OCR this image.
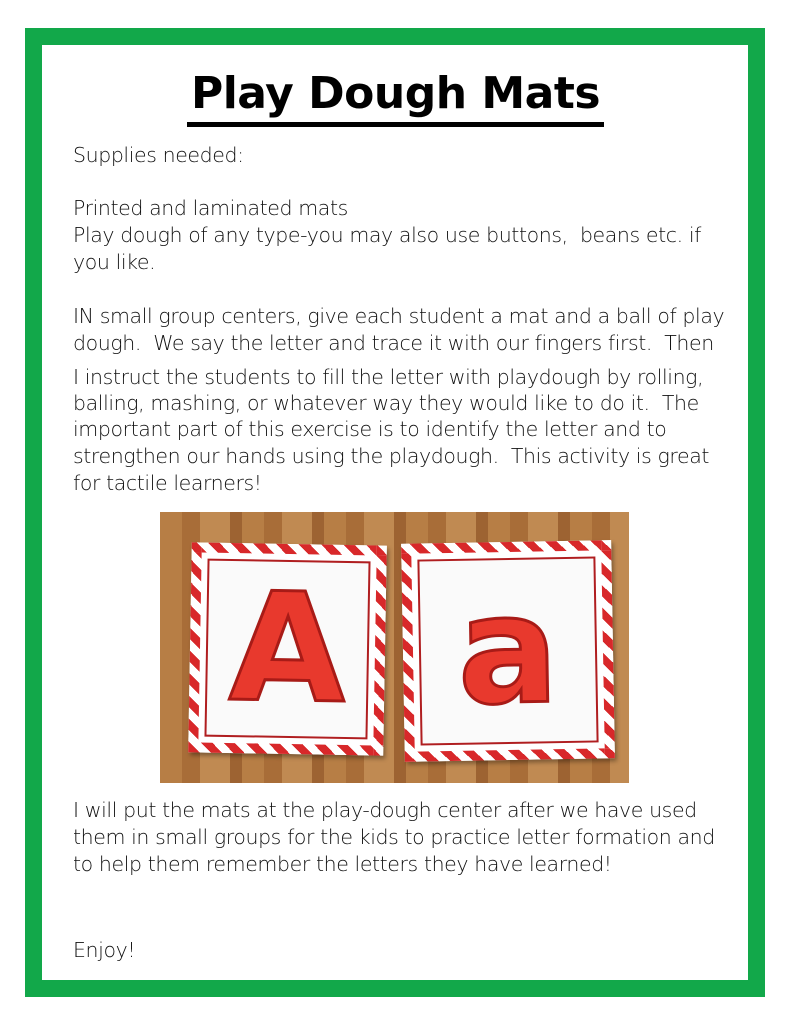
Play Dough Mats
Supplies needed:
Printed and laminated mats
Play dough of any type-you may also use buttons,  beans etc. if
you like.
IN small group centers, give each student a mat and a ball of play
dough.  We say the letter and trace it with our fingers first.  Then
I instruct the students to fill the letter with playdough by rolling,
balling, mashing, or whatever way they would like to do it.  The
important part of this exercise is to identify the letter and to
strengthen our hands using the playdough.  This activity is great
for tactile learners!
A a
I will put the mats at the play-dough center after we have used
them in small groups for the kids to practice letter formation and
to help them remember the letters they have learned!
Enjoy!
